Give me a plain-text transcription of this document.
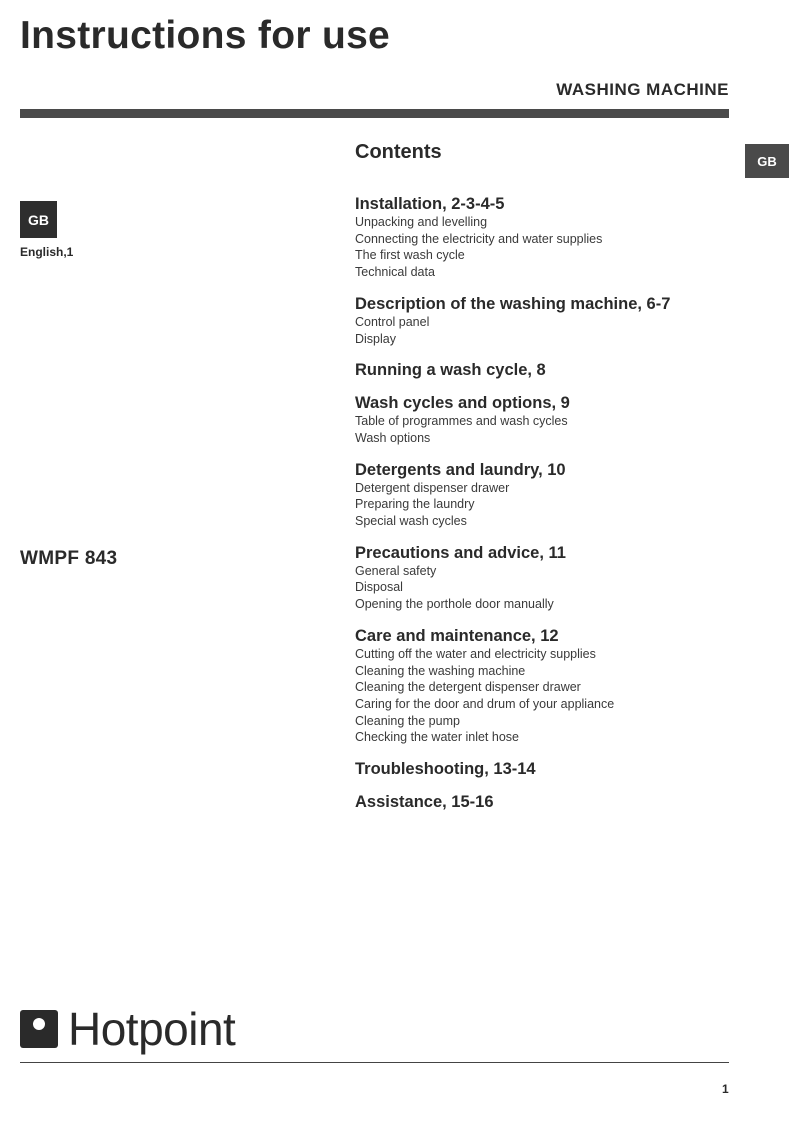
Instructions for use
WASHING MACHINE
GB
GB
English,1
WMPF 843
Contents
Installation, 2-3-4-5
Unpacking and levelling
Connecting the electricity and water supplies
The first wash cycle
Technical data
Description of the washing machine, 6-7
Control panel
Display
Running a wash cycle, 8
Wash cycles and options, 9
Table of programmes and wash cycles
Wash options
Detergents and laundry, 10
Detergent dispenser drawer
Preparing the laundry
Special wash cycles
Precautions and advice, 11
General safety
Disposal
Opening the porthole door manually
Care and maintenance, 12
Cutting off the water and electricity supplies
Cleaning the washing machine
Cleaning the detergent dispenser drawer
Caring for the door and drum of your appliance
Cleaning the pump
Checking the water inlet hose
Troubleshooting, 13-14
Assistance, 15-16
Hotpoint
1
